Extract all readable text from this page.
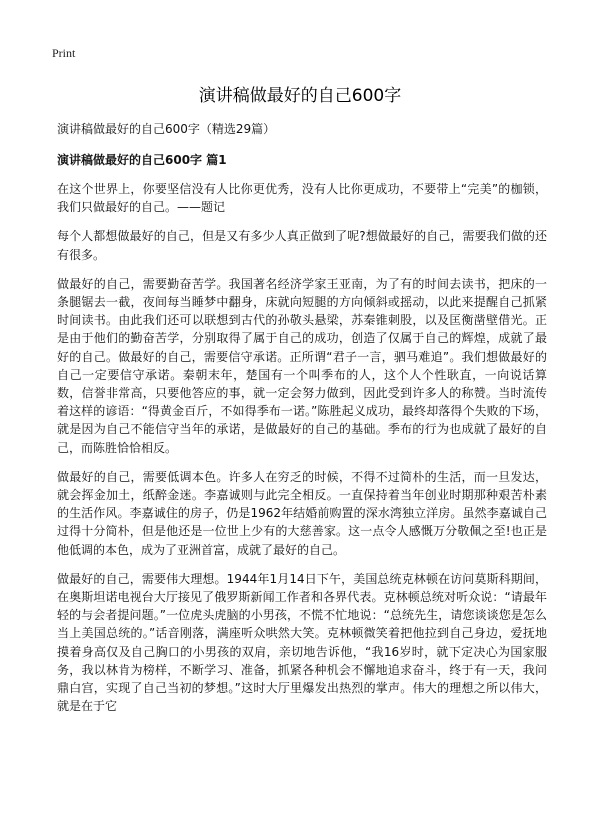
Print
演讲稿做最好的自己600字
演讲稿做最好的自己600字（精选29篇）
演讲稿做最好的自己600字 篇1

在这个世界上，你要坚信没有人比你更优秀，没有人比你更成功，不要带上“完美”的枷锁，我们只做最好的自己。——题记

每个人都想做最好的自己，但是又有多少人真正做到了呢?想做最好的自己，需要我们做的还有很多。

做最好的自己，需要勤奋苦学。我国著名经济学家王亚南，为了有的时间去读书，把床的一条腿锯去一截，夜间每当睡梦中翻身，床就向短腿的方向倾斜或摇动，以此来提醒自己抓紧时间读书。由此我们还可以联想到古代的孙敬头悬梁，苏秦锥刺股，以及匡衡凿壁借光。正是由于他们的勤奋苦学，分别取得了属于自己的成功，创造了仅属于自己的辉煌，成就了最好的自己。做最好的自己，需要信守承诺。正所谓“君子一言，驷马难追”。我们想做最好的自己一定要信守承诺。秦朝末年，楚国有一个叫季布的人，这个人个性耿直，一向说话算数，信誉非常高，只要他答应的事，就一定会努力做到，因此受到许多人的称赞。当时流传着这样的谚语：“得黄金百斤，不如得季布一诺。”陈胜起义成功，最终却落得个失败的下场，就是因为自己不能信守当年的承诺，是做最好的自己的基础。季布的行为也成就了最好的自己，而陈胜恰恰相反。

做最好的自己，需要低调本色。许多人在穷乏的时候，不得不过简朴的生活，而一旦发达，就会挥金加土，纸醉金迷。李嘉诚则与此完全相反。一直保持着当年创业时期那种艰苦朴素的生活作风。李嘉诚住的房子，仍是1962年结婚前购置的深水湾独立洋房。虽然李嘉诚自己过得十分简朴，但是他还是一位世上少有的大慈善家。这一点令人感慨万分敬佩之至!也正是他低调的本色，成为了亚洲首富，成就了最好的自己。

做最好的自己，需要伟大理想。1944年1月14日下午，美国总统克林顿在访问莫斯科期间，在奥斯坦诺电视台大厅接见了俄罗斯新闻工作者和各界代表。克林顿总统对听众说：“请最年轻的与会者提问题。”一位虎头虎脑的小男孩，不慌不忙地说：“总统先生，请您谈谈您是怎么当上美国总统的。”话音刚落，满座听众哄然大笑。克林顿微笑着把他拉到自己身边，爱抚地摸着身高仅及自己胸口的小男孩的双肩，亲切地告诉他，“我16岁时，就下定决心为国家服务，我以林肯为榜样，不断学习、准备，抓紧各种机会不懈地追求奋斗，终于有一天，我问鼎白宫，实现了自己当初的梦想。”这时大厅里爆发出热烈的掌声。伟大的理想之所以伟大，就是在于它
